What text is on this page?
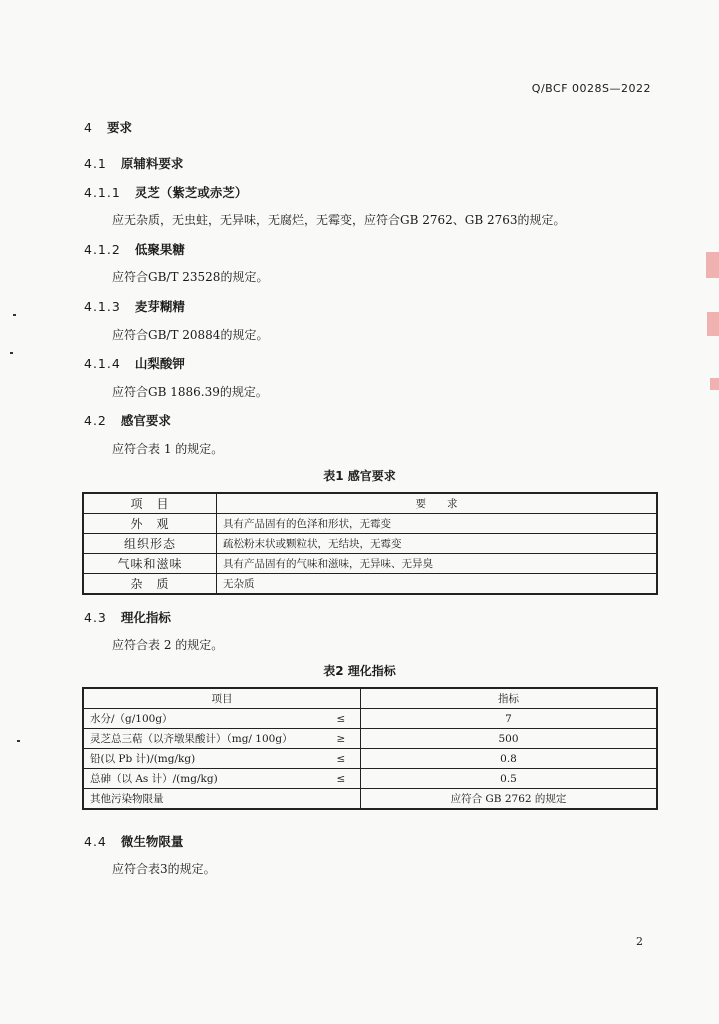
Q/BCF 0028S—2022
4 要求
4.1 原辅料要求
4.1.1 灵芝（紫芝或赤芝）
应无杂质，无虫蛀，无异味，无腐烂，无霉变，应符合GB 2762、GB 2763的规定。
4.1.2 低聚果糖
应符合GB/T 23528的规定。
4.1.3 麦芽糊精
应符合GB/T 20884的规定。
4.1.4 山梨酸钾
应符合GB 1886.39的规定。
4.2 感官要求
应符合表 1 的规定。
表1 感官要求
项　目	要　　求
外　观	具有产品固有的色泽和形状，无霉变
组织形态	疏松粉末状或颗粒状，无结块，无霉变
气味和滋味	具有产品固有的气味和滋味，无异味、无异臭
杂　质	无杂质
4.3 理化指标
应符合表 2 的规定。
表2 理化指标
项目		指标
水分/（g/100g）	≤	7
灵芝总三萜（以齐墩果酸计）（mg/ 100g）	≥	500
铅(以 Pb 计)/(mg/kg)	≤	0.8
总砷（以 As 计）/(mg/kg)	≤	0.5
其他污染物限量		应符合 GB 2762 的规定
4.4 微生物限量
应符合表3的规定。
2
